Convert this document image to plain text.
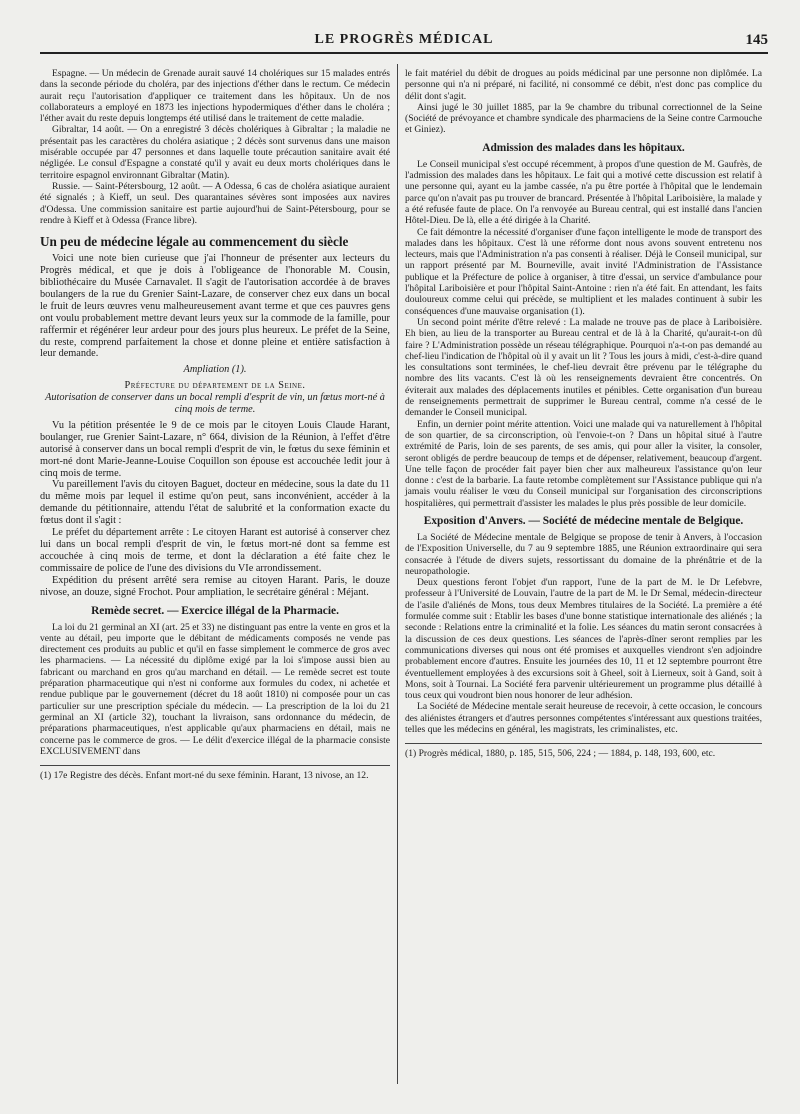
LE PROGRÈS MÉDICAL	145

Espagne. — Un médecin de Grenade aurait sauvé 14 cholériques sur 15 malades entrés dans la seconde période du choléra, par des injections d'éther dans le rectum. Ce médecin aurait reçu l'autorisation d'appliquer ce traitement dans les hôpitaux. Un de nos collaborateurs a employé en 1873 les injections hypodermiques d'éther dans le choléra ; l'éther avait du reste depuis longtemps été utilisé dans le traitement de cette maladie.

Gibraltar, 14 août. — On a enregistré 3 décès cholériques à Gibraltar ; la maladie ne présentait pas les caractères du choléra asiatique ; 2 décès sont survenus dans une maison misérable occupée par 47 personnes et dans laquelle toute précaution sanitaire avait été négligée. Le consul d'Espagne a constaté qu'il y avait eu deux morts cholériques dans le territoire espagnol environnant Gibraltar (Matin).

Russie. — Saint-Pétersbourg, 12 août. — A Odessa, 6 cas de choléra asiatique auraient été signalés ; à Kieff, un seul. Des quarantaines sévères sont imposées aux navires d'Odessa. Une commission sanitaire est partie aujourd'hui de Saint-Pétersbourg, pour se rendre à Kieff et à Odessa (France libre).

Un peu de médecine légale au commencement du siècle

Voici une note bien curieuse que j'ai l'honneur de présenter aux lecteurs du Progrès médical, et que je dois à l'obligeance de l'honorable M. Cousin, bibliothécaire du Musée Carnavalet. Il s'agit de l'autorisation accordée à de braves boulangers de la rue du Grenier Saint-Lazare, de conserver chez eux dans un bocal le fruit de leurs œuvres venu malheureusement avant terme et que ces pauvres gens ont voulu probablement mettre devant leurs yeux sur la commode de la famille, pour raffermir et régénérer leur ardeur pour des jours plus heureux. Le préfet de la Seine, du reste, comprend parfaitement la chose et donne pleine et entière satisfaction à leur demande.

Ampliation (1).

Préfecture du département de la Seine.

Autorisation de conserver dans un bocal rempli d'esprit de vin, un fœtus mort-né à cinq mois de terme.

Vu la pétition présentée le 9 de ce mois par le citoyen Louis Claude Harant, boulanger, rue Grenier Saint-Lazare, n° 664, division de la Réunion, à l'effet d'être autorisé à conserver dans un bocal rempli d'esprit de vin, le fœtus du sexe féminin et mort-né dont Marie-Jeanne-Louise Coquillon son épouse est accouchée ledit jour à cinq mois de terme.

Vu pareillement l'avis du citoyen Baguet, docteur en médecine, sous la date du 11 du même mois par lequel il estime qu'on peut, sans inconvénient, accéder à la demande du pétitionnaire, attendu l'état de salubrité et la conformation exacte du fœtus dont il s'agit :

Le préfet du département arrête : Le citoyen Harant est autorisé à conserver chez lui dans un bocal rempli d'esprit de vin, le fœtus mort-né dont sa femme est accouchée à cinq mois de terme, et dont la déclaration a été faite chez le commissaire de police de l'une des divisions du VIe arrondissement.

Expédition du présent arrêté sera remise au citoyen Harant. Paris, le douze nivose, an douze, signé Frochot. Pour ampliation, le secrétaire général : Méjant.

Remède secret. — Exercice illégal de la Pharmacie.

La loi du 21 germinal an XI (art. 25 et 33) ne distinguant pas entre la vente en gros et la vente au détail, peu importe que le débitant de médicaments composés ne vende pas directement ces produits au public et qu'il en fasse simplement le commerce de gros avec les pharmaciens. — La nécessité du diplôme exigé par la loi s'impose aussi bien au fabricant ou marchand en gros qu'au marchand en détail. — Le remède secret est toute préparation pharmaceutique qui n'est ni conforme aux formules du codex, ni achetée et rendue publique par le gouvernement (décret du 18 août 1810) ni composée pour un cas particulier sur une prescription spéciale du médecin. — La prescription de la loi du 21 germinal an XI (article 32), touchant la livraison, sans ordonnance du médecin, de préparations pharmaceutiques, n'est applicable qu'aux pharmaciens en détail, mais ne concerne pas le commerce de gros. — Le délit d'exercice illégal de la pharmacie consiste EXCLUSIVEMENT dans

(1) 17e Registre des décès. Enfant mort-né du sexe féminin. Harant, 13 nivose, an 12.

le fait matériel du débit de drogues au poids médicinal par une personne non diplômée. La personne qui n'a ni préparé, ni facilité, ni consommé ce débit, n'est donc pas complice du délit dont s'agit.

Ainsi jugé le 30 juillet 1885, par la 9e chambre du tribunal correctionnel de la Seine (Société de prévoyance et chambre syndicale des pharmaciens de la Seine contre Carmouche et Giniez).

Admission des malades dans les hôpitaux.

Le Conseil municipal s'est occupé récemment, à propos d'une question de M. Gaufrès, de l'admission des malades dans les hôpitaux. Le fait qui a motivé cette discussion est relatif à une personne qui, ayant eu la jambe cassée, n'a pu être portée à l'hôpital que le lendemain parce qu'on n'avait pas pu trouver de brancard. Présentée à l'hôpital Lariboisière, la malade y a été refusée faute de place. On l'a renvoyée au Bureau central, qui est installé dans l'ancien Hôtel-Dieu. De là, elle a été dirigée à la Charité.

Ce fait démontre la nécessité d'organiser d'une façon intelligente le mode de transport des malades dans les hôpitaux. C'est là une réforme dont nous avons souvent entretenu nos lecteurs, mais que l'Administration n'a pas consenti à réaliser. Déjà le Conseil municipal, sur un rapport présenté par M. Bourneville, avait invité l'Administration de l'Assistance publique et la Préfecture de police à organiser, à titre d'essai, un service d'ambulance pour l'hôpital Lariboisière et pour l'hôpital Saint-Antoine : rien n'a été fait. En attendant, les faits douloureux comme celui qui précède, se multiplient et les malades continuent à subir les conséquences d'une mauvaise organisation (1).

Un second point mérite d'être relevé : La malade ne trouve pas de place à Lariboisière. Eh bien, au lieu de la transporter au Bureau central et de là à la Charité, qu'aurait-t-on dû faire ? L'Administration possède un réseau télégraphique. Pourquoi n'a-t-on pas demandé au chef-lieu l'indication de l'hôpital où il y avait un lit ? Tous les jours à midi, c'est-à-dire quand les consultations sont terminées, le chef-lieu devrait être prévenu par le télégraphe du nombre des lits vacants. C'est là où les renseignements devraient être concentrés. On éviterait aux malades des déplacements inutiles et pénibles. Cette organisation d'un bureau de renseignements permettrait de supprimer le Bureau central, comme n'a cessé de le demander le Conseil municipal.

Enfin, un dernier point mérite attention. Voici une malade qui va naturellement à l'hôpital de son quartier, de sa circonscription, où l'envoie-t-on ? Dans un hôpital situé à l'autre extrémité de Paris, loin de ses parents, de ses amis, qui pour aller la visiter, la consoler, seront obligés de perdre beaucoup de temps et de dépenser, relativement, beaucoup d'argent. Une telle façon de procéder fait payer bien cher aux malheureux l'assistance qu'on leur donne : c'est de la barbarie. La faute retombe complètement sur l'Assistance publique qui n'a jamais voulu réaliser le vœu du Conseil municipal sur l'organisation des circonscriptions hospitalières, qui permettrait d'assister les malades le plus près possible de leur domicile.

Exposition d'Anvers. — Société de médecine mentale de Belgique.

La Société de Médecine mentale de Belgique se propose de tenir à Anvers, à l'occasion de l'Exposition Universelle, du 7 au 9 septembre 1885, une Réunion extraordinaire qui sera consacrée à l'étude de divers sujets, ressortissant du domaine de la phrénâtrie et de la neuropathologie.

Deux questions feront l'objet d'un rapport, l'une de la part de M. le Dr Lefebvre, professeur à l'Université de Louvain, l'autre de la part de M. le Dr Semal, médecin-directeur de l'asile d'aliénés de Mons, tous deux Membres titulaires de la Société. La première a été formulée comme suit : Etablir les bases d'une bonne statistique internationale des aliénés ; la seconde : Relations entre la criminalité et la folie. Les séances du matin seront consacrées à la discussion de ces deux questions. Les séances de l'après-dîner seront remplies par les communications diverses qui nous ont été promises et auxquelles viendront s'en adjoindre probablement encore d'autres. Ensuite les journées des 10, 11 et 12 septembre pourront être éventuellement employées à des excursions soit à Gheel, soit à Lierneux, soit à Gand, soit à Mons, soit à Tournai. La Société fera parvenir ultérieurement un programme plus détaillé à tous ceux qui voudront bien nous honorer de leur adhésion.

La Société de Médecine mentale serait heureuse de recevoir, à cette occasion, le concours des aliénistes étrangers et d'autres personnes compétentes s'intéressant aux questions traitées, telles que les médecins en général, les magistrats, les criminalistes, etc.

(1) Progrès médical, 1880, p. 185, 515, 506, 224 ; — 1884, p. 148, 193, 600, etc.
